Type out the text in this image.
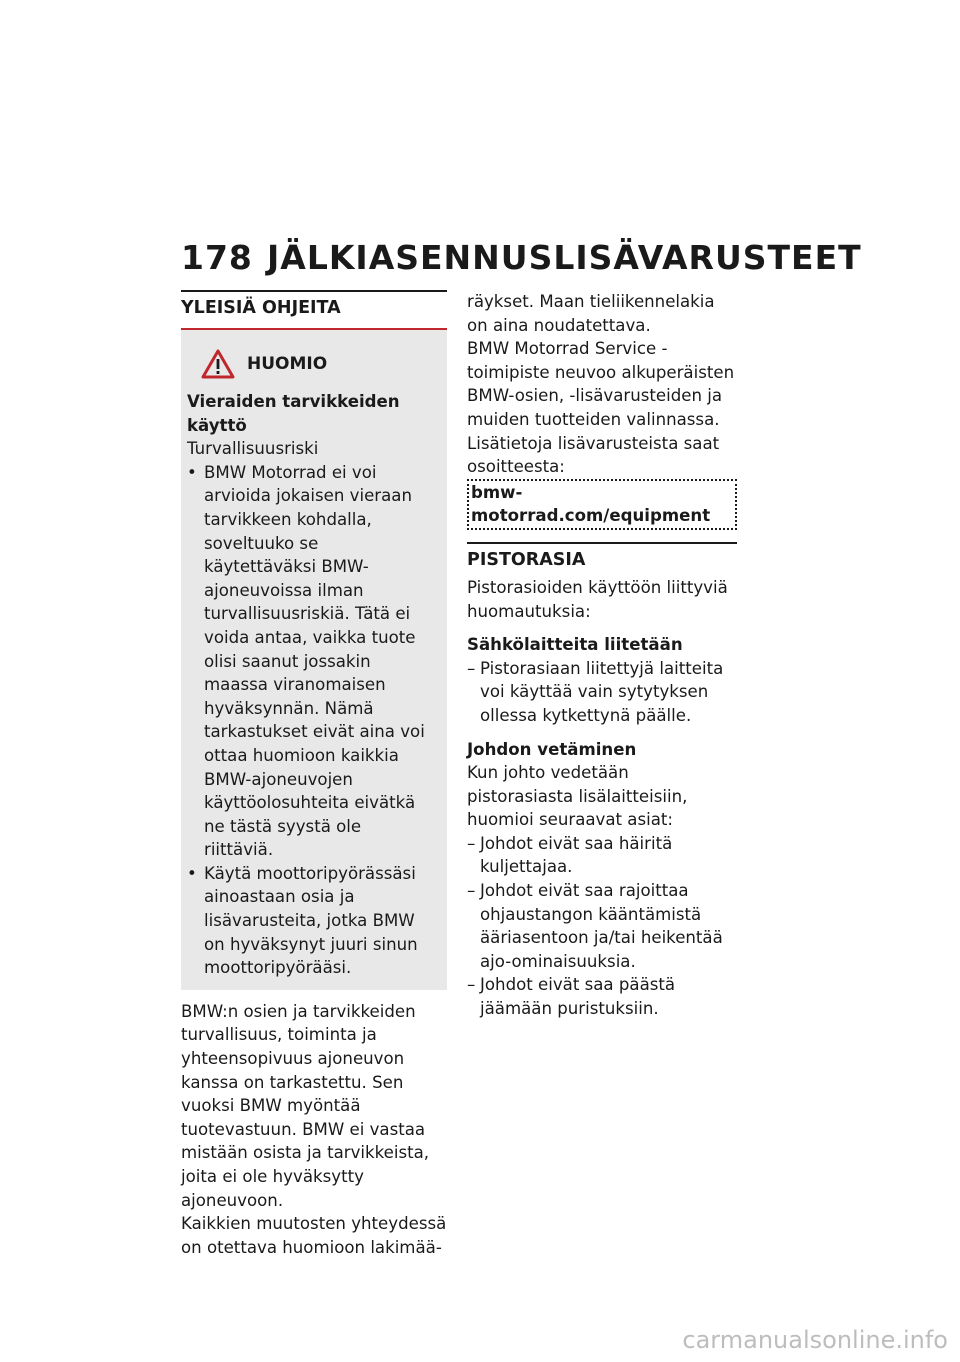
178 JÄLKIASENNUSLISÄVARUSTEET
YLEISIÄ OHJEITA
HUOMIO

Vieraiden tarvikkeiden käyttö

Turvallisuusriski

• BMW Motorrad ei voi arvioida jokaisen vieraan tarvikkeen kohdalla, soveltuuko se käytettäväksi BMW-ajoneuvoissa ilman turvallisuusriskiä. Tätä ei voida antaa, vaikka tuote olisi saanut jossakin maassa viranomaisen hyväksynnän. Nämä tarkastukset eivät aina voi ottaa huomioon kaikkia BMW-ajoneuvojen käyttöolosuhteita eivätkä ne tästä syystä ole riittäviä.
• Käytä moottoripyörässäsi ainoastaan osia ja lisävarusteita, jotka BMW on hyväksynyt juuri sinun moottoripyörääsi.

BMW:n osien ja tarvikkeiden turvallisuus, toiminta ja yhteensopivuus ajoneuvon kanssa on tarkastettu. Sen vuoksi BMW myöntää tuotevastuun. BMW ei vastaa mistään osista ja tarvikkeista, joita ei ole hyväksytty ajoneuvoon.

Kaikkien muutosten yhteydessä on otettava huomioon lakimää-

räykset. Maan tieliikennelakia on aina noudatettava.

BMW Motorrad Service -toimipiste neuvoo alkuperäisten BMW-osien, -lisävarusteiden ja muiden tuotteiden valinnassa.

Lisätietoja lisävarusteista saat osoitteesta:

bmw-motorrad.com/equipment
PISTORASIA

Pistorasioiden käyttöön liittyviä huomautuksia:

Sähkölaitteita liitetään

– Pistorasiaan liitettyjä laitteita voi käyttää vain sytytyksen ollessa kytkettynä päälle.

Johdon vetäminen

Kun johto vedetään pistorasiasta lisälaitteisiin, huomioi seuraavat asiat:

– Johdot eivät saa häiritä kuljettajaa.
– Johdot eivät saa rajoittaa ohjaustangon kääntämistä ääriasentoon ja/tai heikentää ajo-ominaisuuksia.
– Johdot eivät saa päästä jäämään puristuksiin.
carmanualsonline.info
